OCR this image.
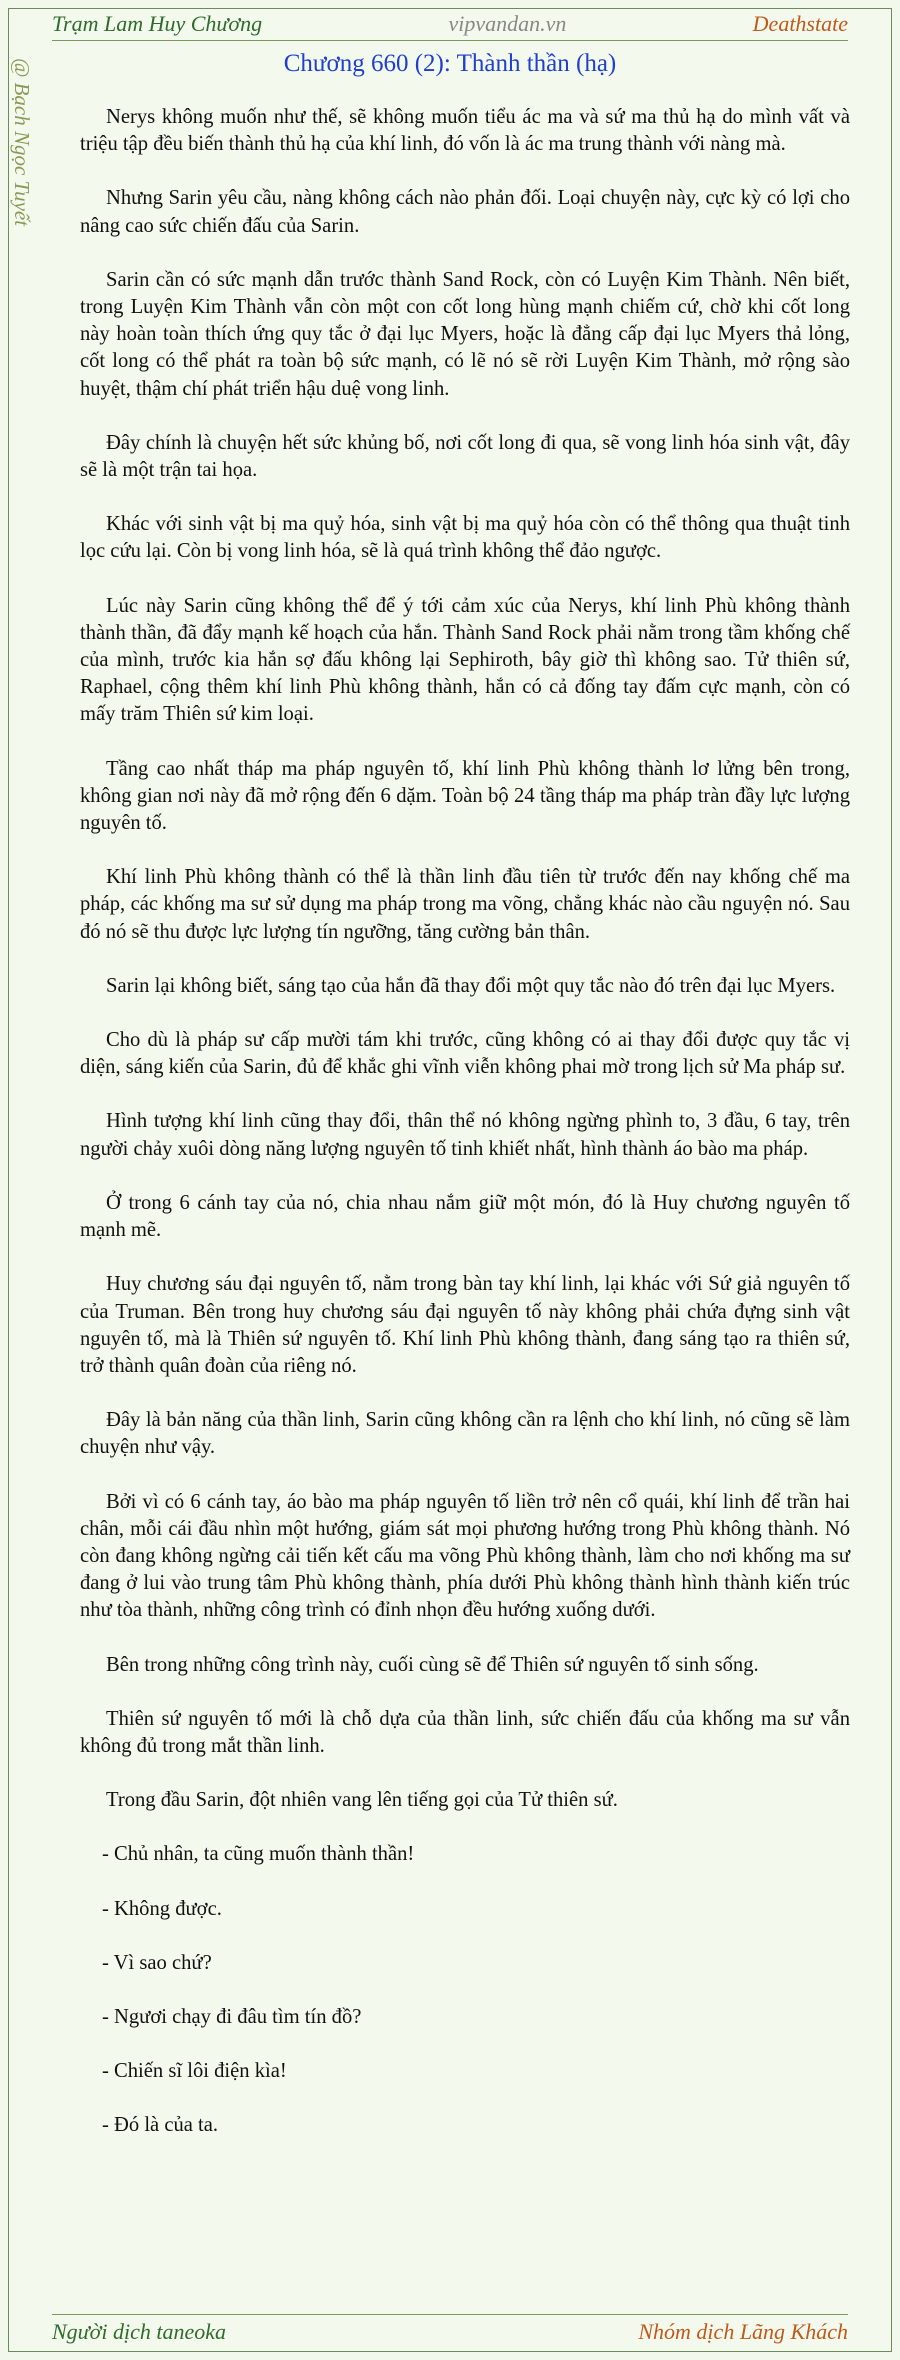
Trạm Lam Huy Chương	vipvandan.vn	Deathstate
@ Bạch Ngọc Tuyết	Chương 660 (2): Thành thần (hạ)

Nerys không muốn như thế, sẽ không muốn tiểu ác ma và sứ ma thủ hạ do mình vất và triệu tập đều biến thành thủ hạ của khí linh, đó vốn là ác ma trung thành với nàng mà.

Nhưng Sarin yêu cầu, nàng không cách nào phản đối. Loại chuyện này, cực kỳ có lợi cho nâng cao sức chiến đấu của Sarin.

Sarin cần có sức mạnh dẫn trước thành Sand Rock, còn có Luyện Kim Thành. Nên biết, trong Luyện Kim Thành vẫn còn một con cốt long hùng mạnh chiếm cứ, chờ khi cốt long này hoàn toàn thích ứng quy tắc ở đại lục Myers, hoặc là đẳng cấp đại lục Myers thả lỏng, cốt long có thể phát ra toàn bộ sức mạnh, có lẽ nó sẽ rời Luyện Kim Thành, mở rộng sào huyệt, thậm chí phát triển hậu duệ vong linh.

Đây chính là chuyện hết sức khủng bố, nơi cốt long đi qua, sẽ vong linh hóa sinh vật, đây sẽ là một trận tai họa.

Khác với sinh vật bị ma quỷ hóa, sinh vật bị ma quỷ hóa còn có thể thông qua thuật tinh lọc cứu lại. Còn bị vong linh hóa, sẽ là quá trình không thể đảo ngược.

Lúc này Sarin cũng không thể để ý tới cảm xúc của Nerys, khí linh Phù không thành thành thần, đã đẩy mạnh kế hoạch của hắn. Thành Sand Rock phải nằm trong tầm khống chế của mình, trước kia hắn sợ đấu không lại Sephiroth, bây giờ thì không sao. Tử thiên sứ, Raphael, cộng thêm khí linh Phù không thành, hắn có cả đống tay đấm cực mạnh, còn có mấy trăm Thiên sứ kim loại.

Tầng cao nhất tháp ma pháp nguyên tố, khí linh Phù không thành lơ lửng bên trong, không gian nơi này đã mở rộng đến 6 dặm. Toàn bộ 24 tầng tháp ma pháp tràn đầy lực lượng nguyên tố.

Khí linh Phù không thành có thể là thần linh đầu tiên từ trước đến nay khống chế ma pháp, các khống ma sư sử dụng ma pháp trong ma võng, chẳng khác nào cầu nguyện nó. Sau đó nó sẽ thu được lực lượng tín ngưỡng, tăng cường bản thân.

Sarin lại không biết, sáng tạo của hắn đã thay đổi một quy tắc nào đó trên đại lục Myers.

Cho dù là pháp sư cấp mười tám khi trước, cũng không có ai thay đổi được quy tắc vị diện, sáng kiến của Sarin, đủ để khắc ghi vĩnh viễn không phai mờ trong lịch sử Ma pháp sư.

Hình tượng khí linh cũng thay đổi, thân thể nó không ngừng phình to, 3 đầu, 6 tay, trên người chảy xuôi dòng năng lượng nguyên tố tinh khiết nhất, hình thành áo bào ma pháp.

Ở trong 6 cánh tay của nó, chia nhau nắm giữ một món, đó là Huy chương nguyên tố mạnh mẽ.

Huy chương sáu đại nguyên tố, nằm trong bàn tay khí linh, lại khác với Sứ giả nguyên tố của Truman. Bên trong huy chương sáu đại nguyên tố này không phải chứa đựng sinh vật nguyên tố, mà là Thiên sứ nguyên tố. Khí linh Phù không thành, đang sáng tạo ra thiên sứ, trở thành quân đoàn của riêng nó.

Đây là bản năng của thần linh, Sarin cũng không cần ra lệnh cho khí linh, nó cũng sẽ làm chuyện như vậy.

Bởi vì có 6 cánh tay, áo bào ma pháp nguyên tố liền trở nên cổ quái, khí linh để trần hai chân, mỗi cái đầu nhìn một hướng, giám sát mọi phương hướng trong Phù không thành. Nó còn đang không ngừng cải tiến kết cấu ma võng Phù không thành, làm cho nơi khống ma sư đang ở lui vào trung tâm Phù không thành, phía dưới Phù không thành hình thành kiến trúc như tòa thành, những công trình có đỉnh nhọn đều hướng xuống dưới.

Bên trong những công trình này, cuối cùng sẽ để Thiên sứ nguyên tố sinh sống.

Thiên sứ nguyên tố mới là chỗ dựa của thần linh, sức chiến đấu của khống ma sư vẫn không đủ trong mắt thần linh.

Trong đầu Sarin, đột nhiên vang lên tiếng gọi của Tử thiên sứ.

- Chủ nhân, ta cũng muốn thành thần!

- Không được.

- Vì sao chứ?

- Ngươi chạy đi đâu tìm tín đồ?

- Chiến sĩ lôi điện kìa!

- Đó là của ta.

Người dịch taneoka	Nhóm dịch Lãng Khách
